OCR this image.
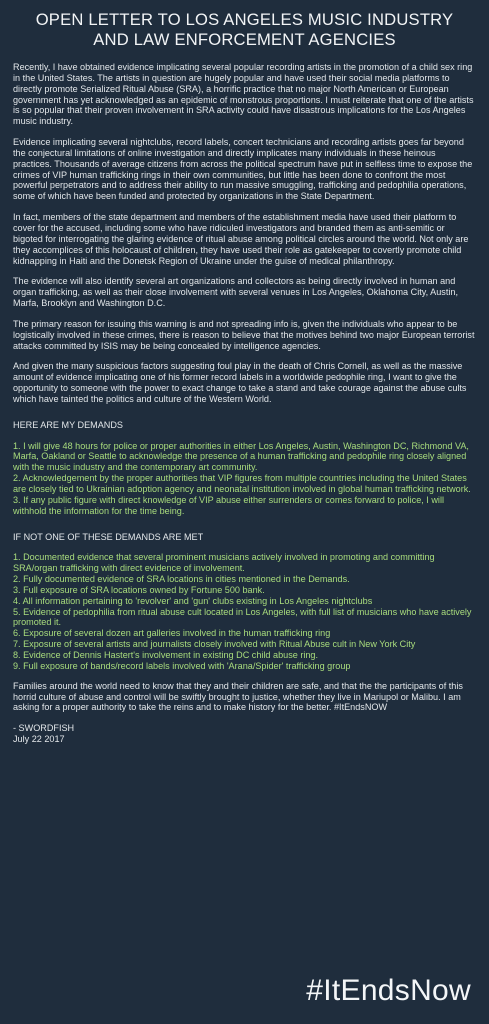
OPEN LETTER TO LOS ANGELES MUSIC INDUSTRY
AND LAW ENFORCEMENT AGENCIES

Recently, I have obtained evidence implicating several popular recording artists in the promotion of a child sex ring in the United States. The artists in question are hugely popular and have used their social media platforms to directly promote Serialized Ritual Abuse (SRA), a horrific practice that no major North American or European government has yet acknowledged as an epidemic of monstrous proportions. I must reiterate that one of the artists is so popular that their proven involvement in SRA activity could have disastrous implications for the Los Angeles music industry.

Evidence implicating several nightclubs, record labels, concert technicians and recording artists goes far beyond the conjectural limitations of online investigation and directly implicates many individuals in these heinous practices. Thousands of average citizens from across the political spectrum have put in selfless time to expose the crimes of VIP human trafficking rings in their own communities, but little has been done to confront the most powerful perpetrators and to address their ability to run massive smuggling, trafficking and pedophilia operations, some of which have been funded and protected by organizations in the State Department.

In fact, members of the state department and members of the establishment media have used their platform to cover for the accused, including some who have ridiculed investigators and branded them as anti-semitic or bigoted for interrogating the glaring evidence of ritual abuse among political circles around the world. Not only are they accomplices of this holocaust of children, they have used their role as gatekeeper to covertly promote child kidnapping in Haiti and the Donetsk Region of Ukraine under the guise of medical philanthropy.

The evidence will also identify several art organizations and collectors as being directly involved in human and organ trafficking, as well as their close involvement with several venues in Los Angeles, Oklahoma City, Austin, Marfa, Brooklyn and Washington D.C.

The primary reason for issuing this warning is and not spreading info is, given the individuals who appear to be logistically involved in these crimes, there is reason to believe that the motives behind two major European terrorist attacks committed by ISIS may be being concealed by intelligence agencies.

And given the many suspicious factors suggesting foul play in the death of Chris Cornell, as well as the massive amount of evidence implicating one of his former record labels in a worldwide pedophile ring, I want to give the opportunity to someone with the power to exact change to take a stand and take courage against the abuse cults which have tainted the politics and culture of the Western World.

HERE ARE MY DEMANDS
1. I will give 48 hours for police or proper authorities in either Los Angeles, Austin, Washington DC, Richmond VA, Marfa, Oakland or Seattle to acknowledge the presence of a human trafficking and pedophile ring closely aligned with the music industry and the contemporary art community.
2. Acknowledgement by the proper authorities that VIP figures from multiple countries including the United States are closely tied to Ukrainian adoption agency and neonatal institution involved in global human trafficking network.
3. If any public figure with direct knowledge of VIP abuse either surrenders or comes forward to police, I will withhold the information for the time being.
IF NOT ONE OF THESE DEMANDS ARE MET
1. Documented evidence that several prominent musicians actively involved in promoting and committing SRA/organ trafficking with direct evidence of involvement.
2. Fully documented evidence of SRA locations in cities mentioned in the Demands.
3. Full exposure of SRA locations owned by Fortune 500 bank.
4. All information pertaining to 'revolver' and 'gun' clubs existing in Los Angeles nightclubs
5. Evidence of pedophilia from ritual abuse cult located in Los Angeles, with full list of musicians who have actively promoted it.
6. Exposure of several dozen art galleries involved in the human trafficking ring
7. Exposure of several artists and journalists closely involved with Ritual Abuse cult in New York City
8. Evidence of Dennis Hastert's involvement in existing DC child abuse ring.
9. Full exposure of bands/record labels involved with 'Arana/Spider' trafficking group

Families around the world need to know that they and their children are safe, and that the the participants of this horrid culture of abuse and control will be swiftly brought to justice, whether they live in Mariupol or Malibu. I am asking for a proper authority to take the reins and to make history for the better. #ItEndsNOW

- SWORDFISH
July 22 2017
#ItEndsNow
